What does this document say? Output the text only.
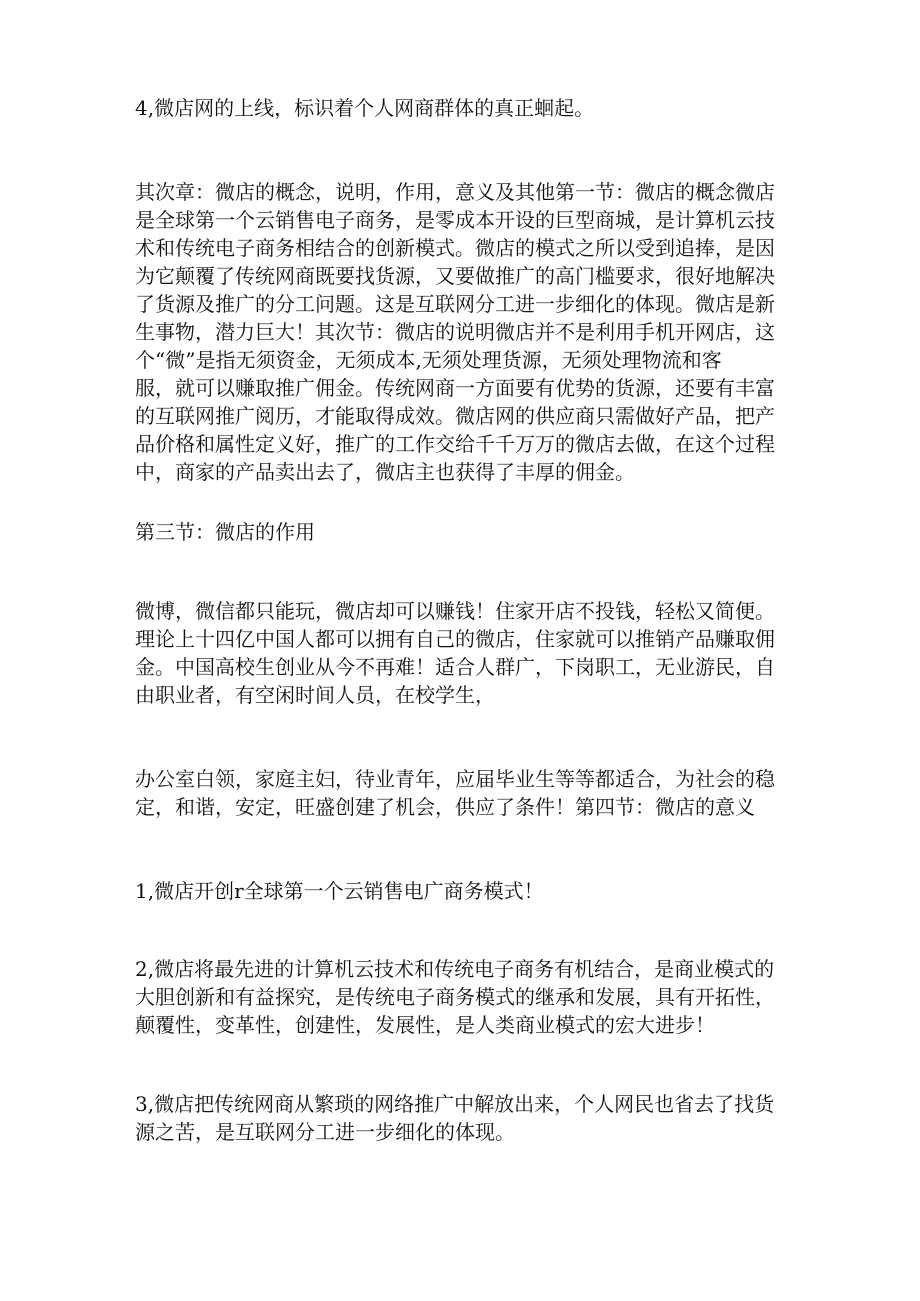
4,微店网的上线，标识着个人网商群体的真正蛔起。

其次章：微店的概念，说明，作用，意义及其他第一节：微店的概念微店
是全球第一个云销售电子商务，是零成本开设的巨型商城，是计算机云技
术和传统电子商务相结合的创新模式。微店的模式之所以受到追捧，是因
为它颠覆了传统网商既要找货源，又要做推广的高门槛要求，很好地解决
了货源及推广的分工问题。这是互联网分工进一步细化的体现。微店是新
生事物，潜力巨大！其次节：微店的说明微店并不是利用手机开网店，这
个“微”是指无须资金，无须成本,无须处理货源，无须处理物流和客
服，就可以赚取推广佣金。传统网商一方面要有优势的货源，还要有丰富
的互联网推广阅历，才能取得成效。微店网的供应商只需做好产品，把产
品价格和属性定义好，推广的工作交给千千万万的微店去做，在这个过程
中，商家的产品卖出去了，微店主也获得了丰厚的佣金。

第三节：微店的作用

微博，微信都只能玩，微店却可以赚钱！住家开店不投钱，轻松又简便。
理论上十四亿中国人都可以拥有自己的微店，住家就可以推销产品赚取佣
金。中国高校生创业从今不再难！适合人群广，下岗职工，无业游民，自
由职业者，有空闲时间人员，在校学生，

办公室白领，家庭主妇，待业青年，应届毕业生等等都适合，为社会的稳
定，和谐，安定，旺盛创建了机会，供应了条件！第四节：微店的意义

1,微店开创r全球第一个云销售电广商务模式！

2,微店将最先进的计算机云技术和传统电子商务有机结合，是商业模式的
大胆创新和有益探究，是传统电子商务模式的继承和发展，具有开拓性，
颠覆性，变革性，创建性，发展性，是人类商业模式的宏大进步！

3,微店把传统网商从繁琐的网络推广中解放出来，个人网民也省去了找货
源之苦，是互联网分工进一步细化的体现。
